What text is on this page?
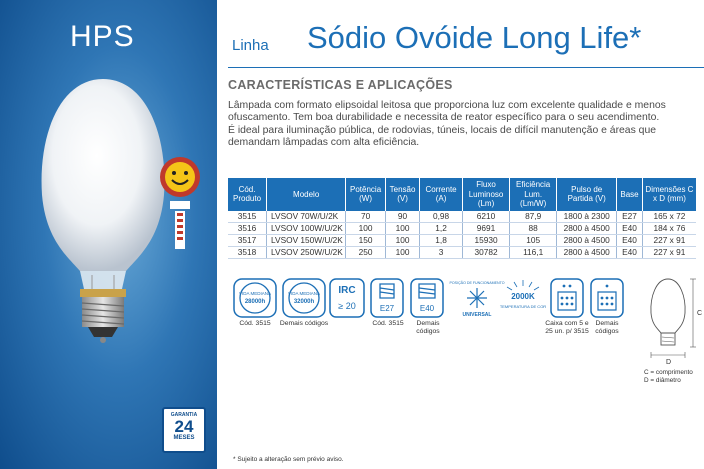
HPS
GARANTIA
24
MESES
Linha Sódio Ovóide Long Life*
CARACTERÍSTICAS E APLICAÇÕES

Lâmpada com formato elipsoidal leitosa que proporciona luz com excelente qualidade e menos ofuscamento. Tem boa durabilidade e necessita de reator específico para o seu acendimento.

É ideal para iluminação pública, de rodovias, túneis, locais de difícil manutenção e áreas que demandam lâmpadas com alta eficiência.

Cód. Produto	Modelo	Potência (W)	Tensão (V)	Corrente (A)	Fluxo Luminoso (Lm)	Eficiência Lum. (Lm/W)	Pulso de Partida (V)	Base	Dimensões C x D (mm)
3515	LVSOV 70W/U/2K	70	90	0,98	6210	87,9	1800 à 2300	E27	165 x 72
3516	LVSOV 100W/U/2K	100	100	1,2	9691	88	2800 à 4500	E40	184 x 76
3517	LVSOV 150W/U/2K	150	100	1,8	15930	105	2800 à 4500	E40	227 x 91
3518	LVSOV 250W/U/2K	250	100	3	30782	116,1	2800 à 4500	E40	227 x 91
VIDA MEDIANA
28000h
Cód. 3515
VIDA MEDIANA
32000h
Demais códigos
IRC
≥ 20	E27
Cód. 3515
E40
Demais códigos
POSIÇÃO DE FUNCIONAMENTO
UNIVERSAL
2000K
TEMPERATURA DE COR
Caixa com 5 e 25 un. p/ 3515
Demais códigos
C
D
C = comprimento
D = diâmetro
* Sujeito a alteração sem prévio aviso.
